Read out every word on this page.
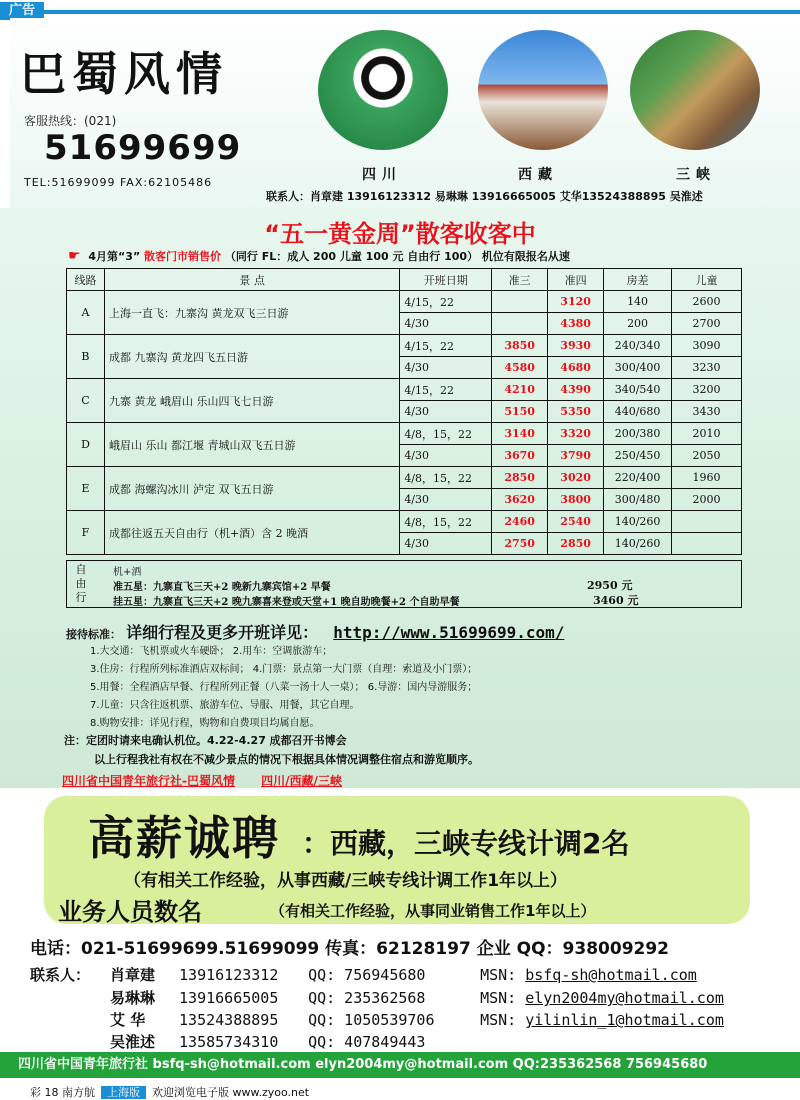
广告
巴蜀风情
客服热线：(021)
51699699
TEL:51699099 FAX:62105486	四川	西藏	三峡
联系人：肖章建 13916123312 易琳琳 13916665005 艾华13524388895 吴淮述
“五一黄金周”散客收客中
☛ 4月第“3” 散客门市销售价 （同行 FL：成人 200 儿童 100 元 自由行 100） 机位有限报名从速
线路	景 点	开班日期	准三	准四	房差	儿童
A	上海一直飞：九寨沟 黄龙双飞三日游	4/15，22		3120	140	2600
		4/30		4380	200	2700
B	成都 九寨沟 黄龙四飞五日游	4/15，22	3850	3930	240/340	3090
		4/30	4580	4680	300/400	3230
C	九寨 黄龙 峨眉山 乐山四飞七日游	4/15，22	4210	4390	340/540	3200
		4/30	5150	5350	440/680	3430
D	峨眉山 乐山 都江堰 青城山双飞五日游	4/8，15，22	3140	3320	200/380	2010
		4/30	3670	3790	250/450	2050
E	成都 海螺沟冰川 泸定 双飞五日游	4/8，15，22	2850	3020	220/400	1960
		4/30	3620	3800	300/480	2000
F	成都往返五天自由行（机+酒）含 2 晚酒	4/8，15，22	2460	2540	140/260	
		4/30	2750	2850	140/260	
自由行
机+酒
准五星：九寨直飞三天+2 晚新九寨宾馆+2 早餐	2950 元
挂五星：九寨直飞三天+2 晚九寨喜来登或天堂+1 晚自助晚餐+2 个自助早餐	3460 元
接待标准： 详细行程及更多开班详见： http://www.51699699.com/
1.大交通：飞机票或火车硬卧； 2.用车：空调旅游车；
3.住房：行程所列标准酒店双标间； 4.门票：景点第一大门票（自理：索道及小门票）；
5.用餐：全程酒店早餐、行程所列正餐（八菜一汤十人一桌）； 6.导游：国内导游服务；
7.儿童：只含往返机票、旅游车位、导服、用餐，其它自理。
8.购物安排：详见行程，购物和自费项目均属自愿。
注：定团时请来电确认机位。4.22-4.27 成都召开书博会
以上行程我社有权在不减少景点的情况下根据具体情况调整住宿点和游览顺序。
四川省中国青年旅行社-巴蜀风情 四川/西藏/三峡
高薪诚聘 ：西藏，三峡专线计调2名
（有相关工作经验，从事西藏/三峡专线计调工作1年以上）
业务人员数名	（有相关工作经验，从事同业销售工作1年以上）
电话：021-51699699.51699099 传真：62128197 企业 QQ：938009292
联系人： 肖章建 13916123312 QQ: 756945680	MSN: bsfq-sh@hotmail.com
易琳琳 13916665005 QQ: 235362568	MSN: elyn2004my@hotmail.com
艾 华 13524388895 QQ: 1050539706	MSN: yilinlin_1@hotmail.com
吴淮述 13585734310 QQ: 407849443
四川省中国青年旅行社 bsfq-sh@hotmail.com elyn2004my@hotmail.com QQ:235362568 756945680
彩 18 南方航 上海版 欢迎浏览电子版 www.zyoo.net
